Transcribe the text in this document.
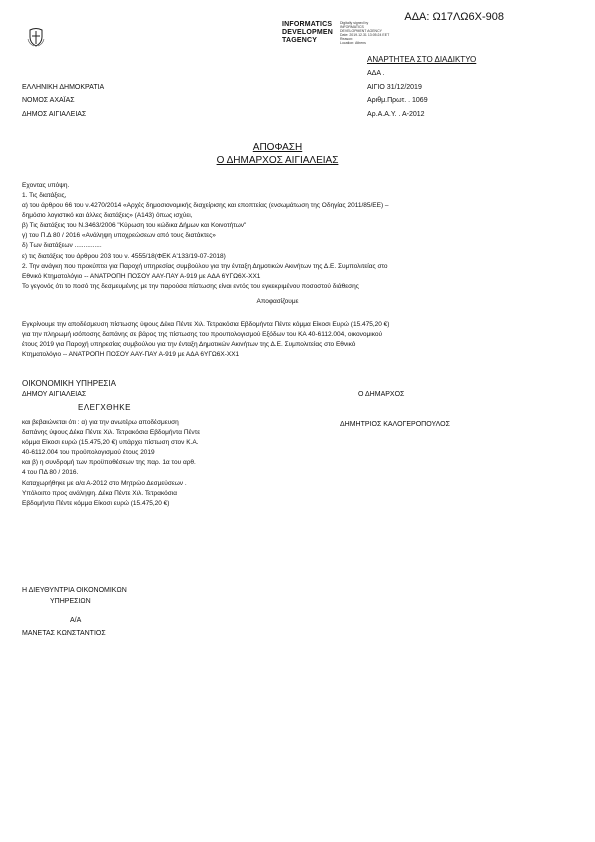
ΑΔΑ: Ω17ΛΩ6Χ-908
INFORMATICS
DEVELOPMEN
TAGENCY
Digitally signed by
INFORMATICS
DEVELOPMENT AGENCY
Date: 2019.12.31 13:05:24 EET
Reason:
Location: Athens
ΑΝΑΡΤΗΤΕΑ ΣΤΟ ΔΙΑΔΙΚΤΥΟ
ΕΛΛΗΝΙΚΗ ΔΗΜΟΚΡΑΤΙΑ
ΝΟΜΟΣ ΑΧΑΪΑΣ
ΔΗΜΟΣ ΑΙΓΙΑΛΕΙΑΣ
ΑΔΑ .
ΑΙΓΙΟ 31/12/2019
Αριθμ.Πρωτ. . 1069
Αρ.Α.Α.Υ. . Α-2012
ΑΠΟΦΑΣΗ
Ο ΔΗΜΑΡΧΟΣ ΑΙΓΙΑΛΕΙΑΣ
Εχοντας υπόψη.
1. Τις διατάξεις,
α) του άρθρου 66 του ν.4270/2014 «Αρχές δημοσιονομικής διαχείρισης και εποπτείας (ενσωμάτωση της Οδηγίας 2011/85/ΕΕ) –
δημόσιο λογιστικό και άλλες διατάξεις» (Α143) όπως ισχύει,
β) Τις διατάξεις του Ν.3463/2006 "Κύρωση του κώδικα Δήμων και Κοινοτήτων"
γ) του Π.Δ 80 / 2016 «Ανάληψη υποχρεώσεων από τους διατάκτες»
δ) Των διατάξεων ...............
ε) τις διατάξεις του άρθρου 203 του ν. 4555/18(ΦΕΚ Α'133/19-07-2018)
2. Την ανάγκη που προκύπτει για Παροχή υπηρεσίας συμβούλου για την ένταξη Δημοτικών Ακινήτων της Δ.Ε. Συμπολιτείας στο
Εθνικό Κτηματολόγιο -- ΑΝΑΤΡΟΠΗ ΠΟΣΟΥ ΑΑΥ-ΠΑΥ Α-919 με ΑΔΑ 6ΥΓΩ6Χ-ΧΧ1
Το γεγονός ότι το ποσό της δεσμευμένης με την παρούσα πίστωσης είναι εντός του εγκεκριμένου ποσοστού διάθεσης
Αποφασίζουμε
Εγκρίνουμε την αποδέσμευση πίστωσης ύψους Δέκα Πέντε Χιλ. Τετρακόσια Εβδομήντα Πέντε κόμμα Είκοσι Ευρώ (15.475,20 €)
για την πληρωμή ισόποσης δαπάνης σε βάρος της πίστωσης του προυπολογισμού Εξόδων του ΚΑ 40-6112.004, οικονομικού
έτους 2019 για Παροχή υπηρεσίας συμβούλου για την ένταξη Δημοτικών Ακινήτων της Δ.Ε. Συμπολιτείας στο Εθνικό
Κτηματολόγιο -- ΑΝΑΤΡΟΠΗ ΠΟΣΟΥ ΑΑΥ-ΠΑΥ Α-919 με ΑΔΑ 6ΥΓΩ6Χ-ΧΧ1
ΟΙΚΟΝΟΜΙΚΗ ΥΠΗΡΕΣΙΑ
ΔΗΜΟΥ ΑΙΓΙΑΛΕΙΑΣ
ΕΛΕΓΧΘΗΚΕ
και βεβαιώνεται ότι : α) για την ανωτέρω αποδέσμευση
δαπάνης ύψους Δέκα Πέντε Χιλ. Τετρακόσια Εβδομήντα Πέντε
κόμμα Είκοσι ευρώ (15.475,20 €) υπάρχει πίστωση στον Κ.Α.
40-6112.004 του προϋπολογισμού έτους 2019
και β) η συνδρομή των προϋποθέσεων της παρ. 1α του αρθ.
4 του ΠΔ 80 / 2016.
Καταχωρήθηκε με α/α Α-2012 στο Μητρώο Δεσμεύσεων .
Υπόλοιπο προς ανάληψη. Δέκα Πέντε Χιλ. Τετρακόσια
Εβδομήντα Πέντε κόμμα Είκοσι ευρώ (15.475,20 €)
Ο ΔΗΜΑΡΧΟΣ
ΔΗΜΗΤΡΙΟΣ ΚΑΛΟΓΕΡΟΠΟΥΛΟΣ
Η ΔΙΕΥΘΥΝΤΡΙΑ ΟΙΚΟΝΟΜΙΚΩΝ
ΥΠΗΡΕΣΙΩΝ
Α/Α
ΜΑΝΕΤΑΣ ΚΩΝΣΤΑΝΤΙΟΣ
